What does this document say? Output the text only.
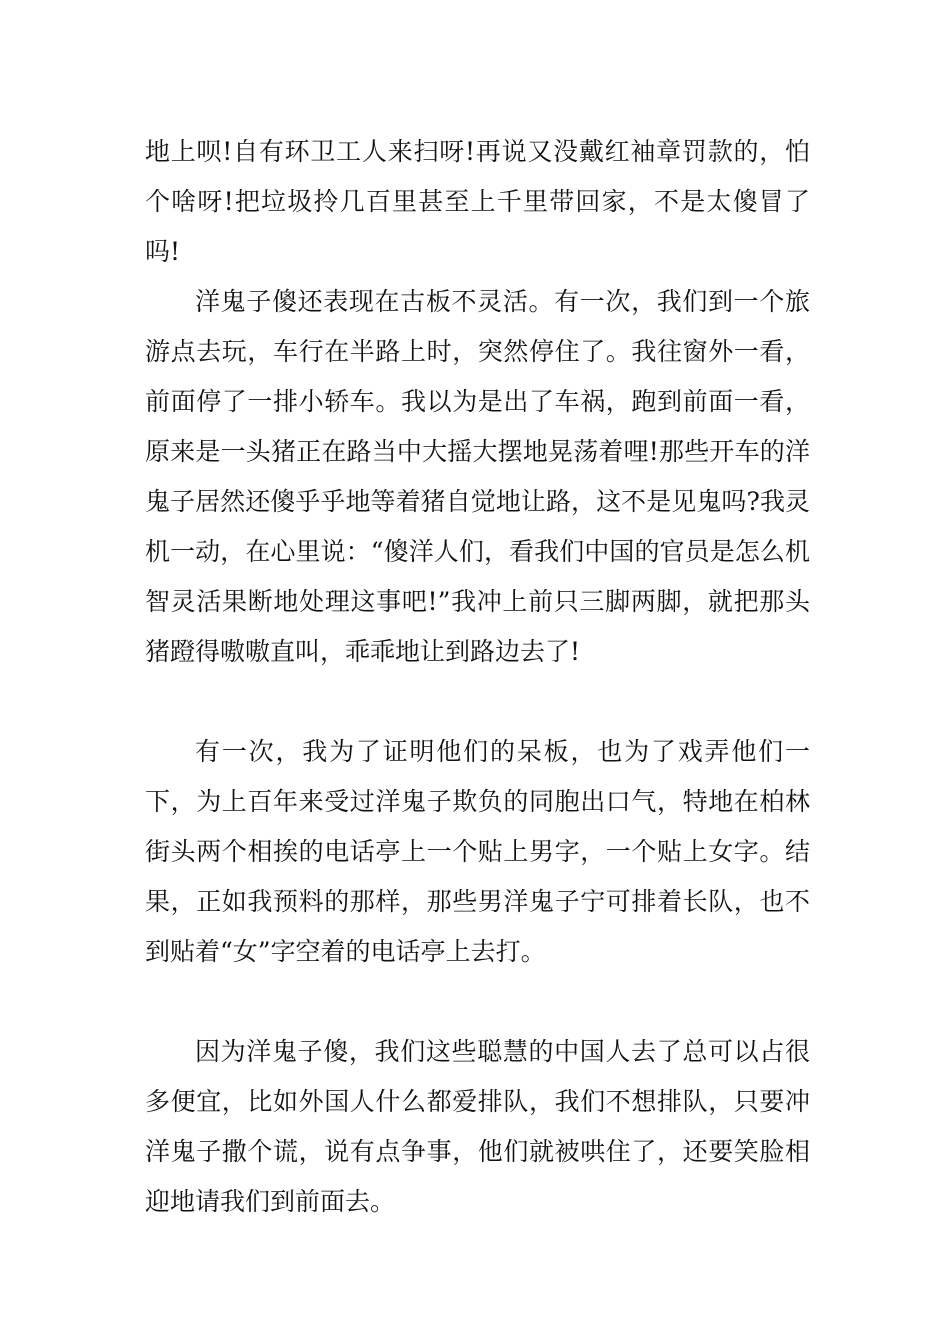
地上呗!自有环卫工人来扫呀!再说又没戴红袖章罚款的，怕个啥呀!把垃圾拎几百里甚至上千里带回家，不是太傻冒了吗!

洋鬼子傻还表现在古板不灵活。有一次，我们到一个旅游点去玩，车行在半路上时，突然停住了。我往窗外一看，前面停了一排小轿车。我以为是出了车祸，跑到前面一看，原来是一头猪正在路当中大摇大摆地晃荡着哩!那些开车的洋鬼子居然还傻乎乎地等着猪自觉地让路，这不是见鬼吗?我灵机一动，在心里说：“傻洋人们，看我们中国的官员是怎么机智灵活果断地处理这事吧!”我冲上前只三脚两脚，就把那头猪蹬得嗷嗷直叫，乖乖地让到路边去了!

有一次，我为了证明他们的呆板，也为了戏弄他们一下，为上百年来受过洋鬼子欺负的同胞出口气，特地在柏林街头两个相挨的电话亭上一个贴上男字，一个贴上女字。结果，正如我预料的那样，那些男洋鬼子宁可排着长队，也不到贴着“女”字空着的电话亭上去打。

因为洋鬼子傻，我们这些聪慧的中国人去了总可以占很多便宜，比如外国人什么都爱排队，我们不想排队，只要冲洋鬼子撒个谎，说有点争事，他们就被哄住了，还要笑脸相迎地请我们到前面去。
